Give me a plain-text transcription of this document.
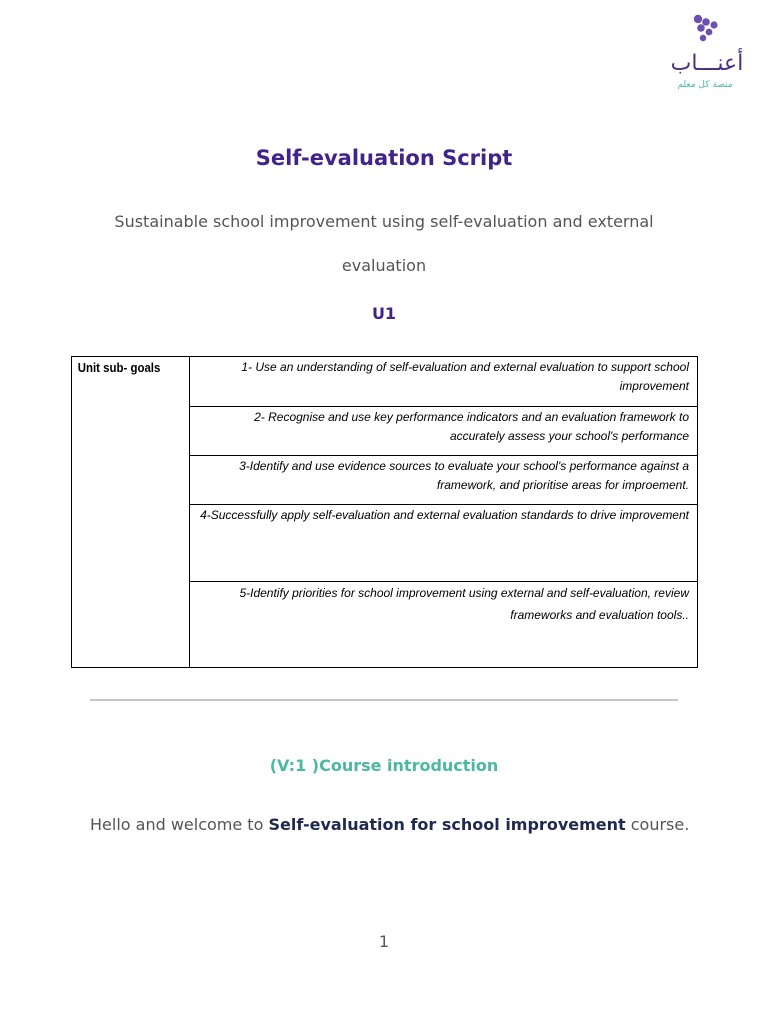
أعنـــاب
منصة كل معلم
Self-evaluation Script
Sustainable school improvement using self-evaluation and external evaluation
U1
Unit sub- goals	1- Use an understanding of self-evaluation and external evaluation to support school improvement
2- Recognise and use key performance indicators and an evaluation framework to accurately assess your school's performance
3-Identify and use evidence sources to evaluate your school's performance against a framework, and prioritise areas for improement.
4-Successfully apply self-evaluation and external evaluation standards to drive improvement
5-Identify priorities for school improvement using external and self-evaluation, review frameworks and evaluation tools..
(V:1 )Course introduction
Hello and welcome to Self-evaluation for school improvement course.
1
